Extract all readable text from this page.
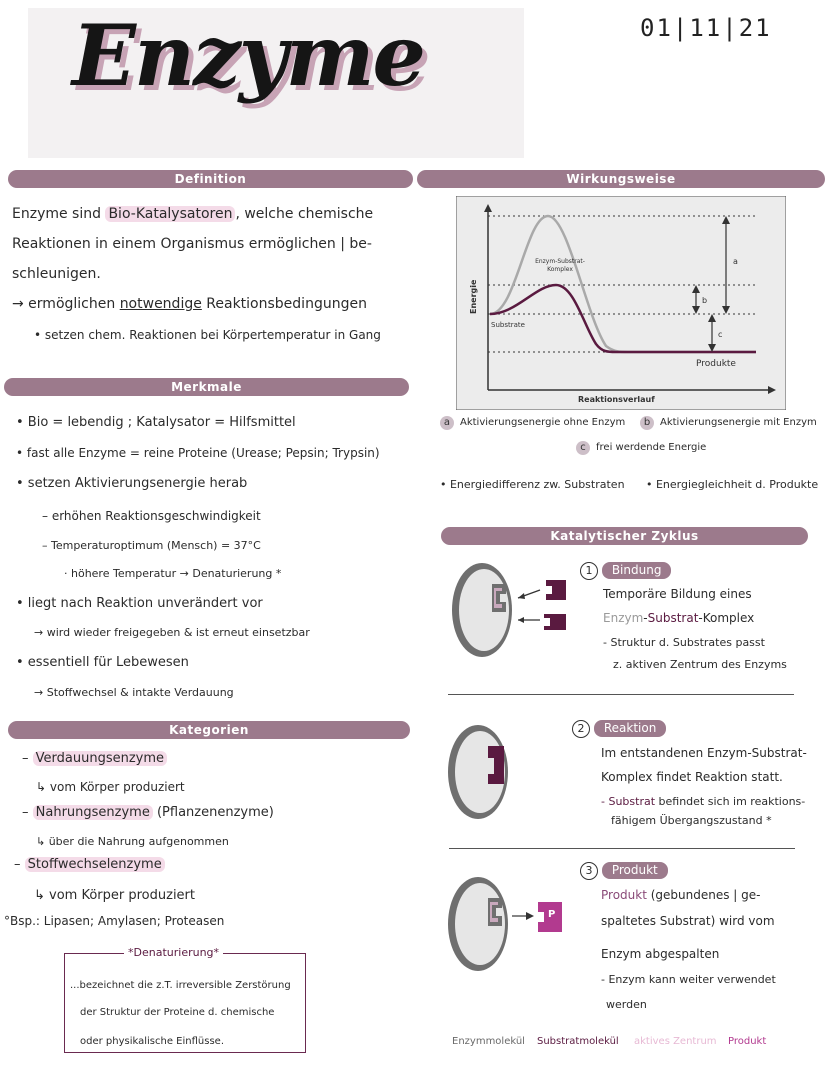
Enzyme	01|11|21
Definition
Enzyme sind Bio-Katalysatoren , welche chemische
Reaktionen in einem Organismus ermöglichen | be-
schleunigen.
→ ermöglichen notwendige Reaktionsbedingungen
• setzen chem. Reaktionen bei Körpertemperatur in Gang
Merkmale
• Bio = lebendig ; Katalysator = Hilfsmittel
• fast alle Enzyme = reine Proteine (Urease; Pepsin; Trypsin)
• setzen Aktivierungsenergie herab
– erhöhen Reaktionsgeschwindigkeit
– Temperaturoptimum (Mensch) = 37°C
· höhere Temperatur → Denaturierung *
• liegt nach Reaktion unverändert vor
→ wird wieder freigegeben & ist erneut einsetzbar
• essentiell für Lebewesen
→ Stoffwechsel & intakte Verdauung
Kategorien
– Verdauungsenzyme
↳ vom Körper produziert
– Nahrungsenzyme (Pflanzenenzyme)
↳ über die Nahrung aufgenommen
– Stoffwechselenzyme
↳ vom Körper produziert
°Bsp.: Lipasen; Amylasen; Proteasen
*Denaturierung*
...bezeichnet die z.T. irreversible Zerstörung
der Struktur der Proteine d. chemische
oder physikalische Einflüsse.
Wirkungsweise
a
b
c
Energie
Reaktionsverlauf
Substrate
Produkte
Enzym-Substrat-Komplex
a Aktivierungsenergie ohne Enzym	b Aktivierungsenergie mit Enzym
c frei werdende Energie
• Energiedifferenz zw. Substraten • Energiegleichheit d. Produkte
Katalytischer Zyklus
1 Bindung
Temporäre Bildung eines
Enzym-Substrat-Komplex
- Struktur d. Substrates passt
z. aktiven Zentrum des Enzyms
2 Reaktion
Im entstandenen Enzym-Substrat-
Komplex findet Reaktion statt.
- Substrat befindet sich im reaktions-
fähigem Übergangszustand *
P
3 Produkt
Produkt (gebundenes | ge-
spaltetes Substrat) wird vom
Enzym abgespalten
- Enzym kann weiter verwendet
werden
Enzymmolekül Substratmolekül aktives Zentrum Produkt
